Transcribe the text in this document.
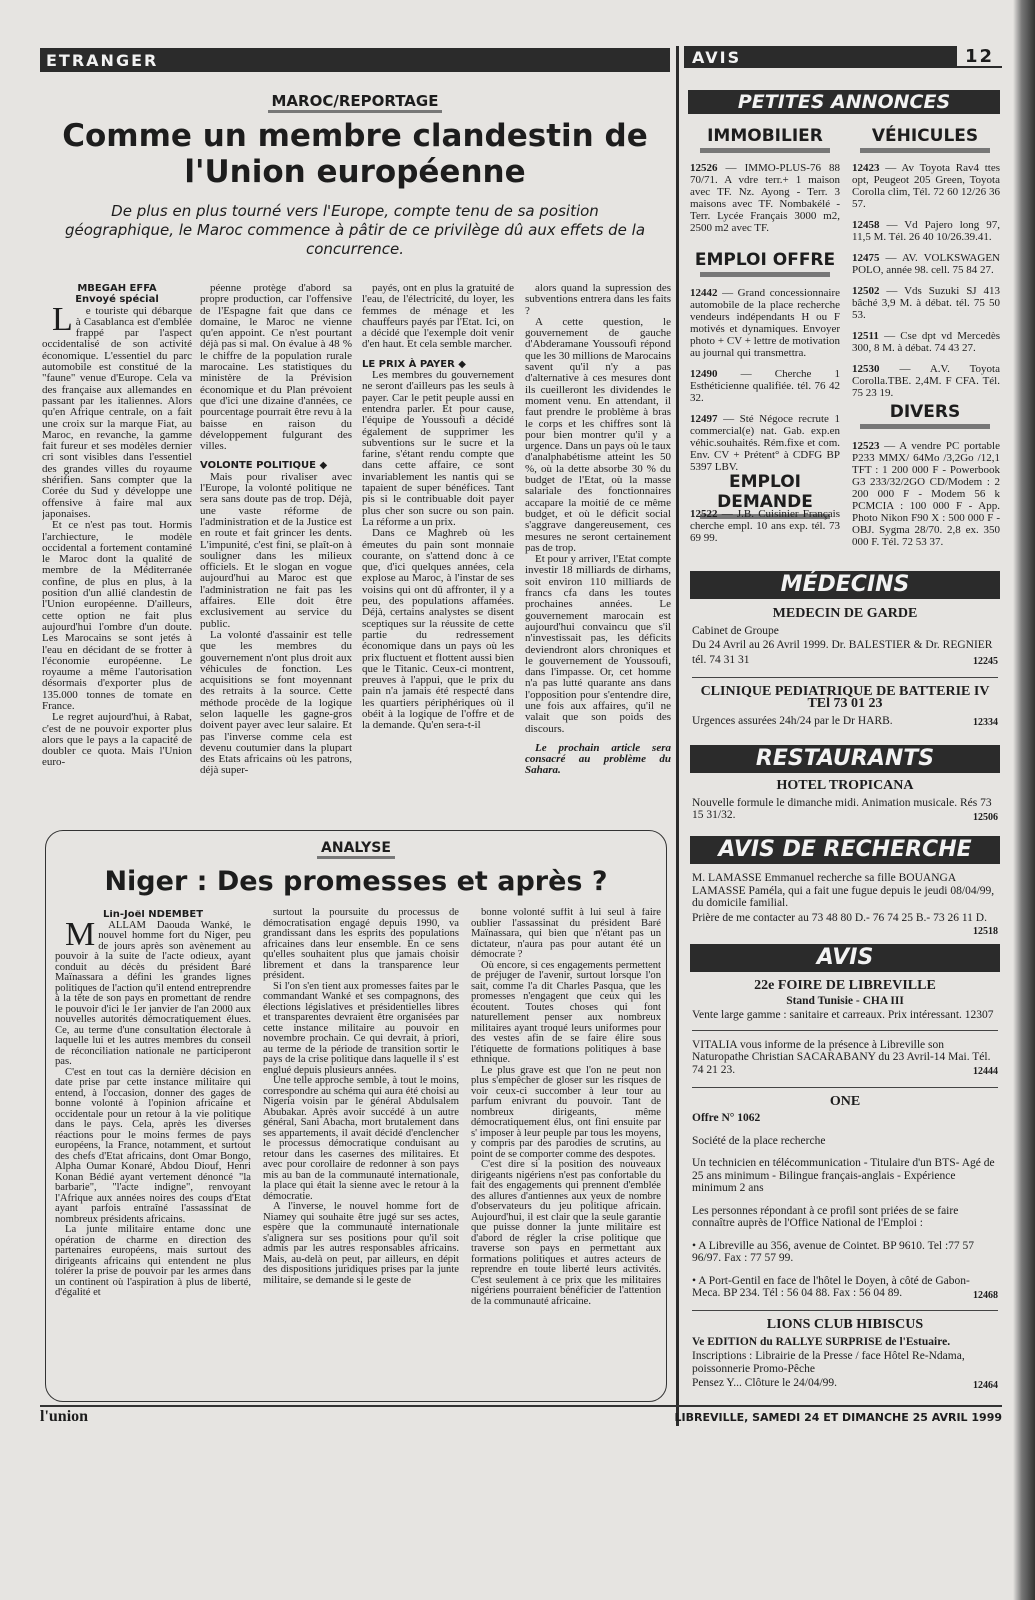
ETRANGER	AVIS	12
MAROC/REPORTAGE
Comme un membre clandestin de l'Union européenne
De plus en plus tourné vers l'Europe, compte tenu de sa position géographique, le Maroc commence à pâtir de ce privilège dû aux effets de la concurrence.

MBEGAH EFFA

Envoyé spécial

Le touriste qui débarque à Casablanca est d'emblée frappé par l'aspect occidentalisé de son activité économique. L'essentiel du parc automobile est constitué de la "faune" venue d'Europe. Cela va des française aux allemandes en passant par les italiennes. Alors qu'en Afrique centrale, on a fait une croix sur la marque Fiat, au Maroc, en revanche, la gamme fait fureur et ses modèles dernier cri sont visibles dans l'essentiel des grandes villes du royaume shérifien. Sans compter que la Corée du Sud y développe une offensive à faire mal aux japonaises.

Et ce n'est pas tout. Hormis l'archiecture, le modèle occidental a fortement contaminé le Maroc dont la qualité de membre de la Méditerranée confine, de plus en plus, à la position d'un allié clandestin de l'Union européenne. D'ailleurs, cette option ne fait plus aujourd'hui l'ombre d'un doute. Les Marocains se sont jetés à l'eau en décidant de se frotter à l'économie européenne. Le royaume a même l'autorisation désormais d'exporter plus de 135.000 tonnes de tomate en France.

Le regret aujourd'hui, à Rabat, c'est de ne pouvoir exporter plus alors que le pays a la capacité de doubler ce quota. Mais l'Union euro-

péenne protège d'abord sa propre production, car l'offensive de l'Espagne fait que dans ce domaine, le Maroc ne vienne qu'en appoint. Ce n'est pourtant déjà pas si mal. On évalue à 48 % le chiffre de la population rurale marocaine. Les statistiques du ministère de la Prévision économique et du Plan prévoient que d'ici une dizaine d'années, ce pourcentage pourrait être revu à la baisse en raison du développement fulgurant des villes.

VOLONTE POLITIQUE ◆

Mais pour rivaliser avec l'Europe, la volonté politique ne sera sans doute pas de trop. Déjà, une vaste réforme de l'administration et de la Justice est en route et fait grincer les dents. L'impunité, c'est fini, se plaît-on à souligner dans les milieux officiels. Et le slogan en vogue aujourd'hui au Maroc est que l'administration ne fait pas les affaires. Elle doit être exclusivement au service du public.

La volonté d'assainir est telle que les membres du gouvernement n'ont plus droit aux véhicules de fonction. Les acquisitions se font moyennant des retraits à la source. Cette méthode procède de la logique selon laquelle les gagne-gros doivent payer avec leur salaire. Et pas l'inverse comme cela est devenu coutumier dans la plupart des Etats africains où les patrons, déjà super-

payés, ont en plus la gratuité de l'eau, de l'électricité, du loyer, les femmes de ménage et les chauffeurs payés par l'Etat. Ici, on a décidé que l'exemple doit venir d'en haut. Et cela semble marcher.

LE PRIX À PAYER ◆

Les membres du gouvernement ne seront d'ailleurs pas les seuls à payer. Car le petit peuple aussi en entendra parler. Et pour cause, l'équipe de Youssoufi a décidé également de supprimer les subventions sur le sucre et la farine, s'étant rendu compte que dans cette affaire, ce sont invariablement les nantis qui se tapaient de super bénéfices. Tant pis si le contribuable doit payer plus cher son sucre ou son pain. La réforme a un prix.

Dans ce Maghreb où les émeutes du pain sont monnaie courante, on s'attend donc à ce que, d'ici quelques années, cela explose au Maroc, à l'instar de ses voisins qui ont dû affronter, il y a peu, des populations affamées. Déjà, certains analystes se disent sceptiques sur la réussite de cette partie du redressement économique dans un pays où les prix fluctuent et flottent aussi bien que le Titanic. Ceux-ci montrent, preuves à l'appui, que le prix du pain n'a jamais été respecté dans les quartiers périphériques où il obéit à la logique de l'offre et de la demande. Qu'en sera-t-il

alors quand la supression des subventions entrera dans les faits ?

A cette question, le gouvernement de gauche d'Abderamane Youssoufi répond que les 30 millions de Marocains savent qu'il n'y a pas d'alternative à ces mesures dont ils cueilleront les dividendes le moment venu. En attendant, il faut prendre le problème à bras le corps et les chiffres sont là pour bien montrer qu'il y a urgence. Dans un pays où le taux d'analphabétisme atteint les 50 %, où la dette absorbe 30 % du budget de l'Etat, où la masse salariale des fonctionnaires accapare la moitié de ce même budget, et où le déficit social s'aggrave dangereusement, ces mesures ne seront certainement pas de trop.

Et pour y arriver, l'Etat compte investir 18 milliards de dirhams, soit environ 110 milliards de francs cfa dans les toutes prochaines années. Le gouvernement marocain est aujourd'hui convaincu que s'il n'investissait pas, les déficits deviendront alors chroniques et le gouvernement de Youssoufi, dans l'impasse. Or, cet homme n'a pas lutté quarante ans dans l'opposition pour s'entendre dire, une fois aux affaires, qu'il ne valait que son poids des discours.

Le prochain article sera consacré au problème du Sahara.

ANALYSE
Niger : Des promesses et après ?

Lin-Joël NDEMBET

MALLAM Daouda Wanké, le nouvel homme fort du Niger, peu de jours après son avènement au pouvoir à la suite de l'acte odieux, ayant conduit au décès du président Baré Maïnassara a défini les grandes lignes politiques de l'action qu'il entend entreprendre à la tête de son pays en promettant de rendre le pouvoir d'ici le 1er janvier de l'an 2000 aux nouvelles autorités démocratiquement élues. Ce, au terme d'une consultation électorale à laquelle lui et les autres membres du conseil de réconciliation nationale ne participeront pas.

C'est en tout cas la dernière décision en date prise par cette instance militaire qui entend, à l'occasion, donner des gages de bonne volonté à l'opinion africaine et occidentale pour un retour à la vie politique dans le pays. Cela, après les diverses réactions pour le moins fermes de pays européens, la France, notamment, et surtout des chefs d'Etat africains, dont Omar Bongo, Alpha Oumar Konaré, Abdou Diouf, Henri Konan Bédié ayant vertement dénoncé "la barbarie", "l'acte indigne", renvoyant l'Afrique aux années noires des coups d'Etat ayant parfois entraîné l'assassinat de nombreux présidents africains.

La junte militaire entame donc une opération de charme en direction des partenaires européens, mais surtout des dirigeants africains qui entendent ne plus tolérer la prise de pouvoir par les armes dans un continent où l'aspiration à plus de liberté, d'égalité et

surtout la poursuite du processus de démocratisation engagé depuis 1990, va grandissant dans les esprits des populations africaines dans leur ensemble. En ce sens qu'elles souhaitent plus que jamais choisir librement et dans la transparence leur président.

Si l'on s'en tient aux promesses faites par le commandant Wanké et ses compagnons, des élections législatives et présidentielles libres et transparentes devraient être organisées par cette instance militaire au pouvoir en novembre prochain. Ce qui devrait, à priori, au terme de la période de transition sortir le pays de la crise politique dans laquelle il s' est englué depuis plusieurs années.

Une telle approche semble, à tout le moins, correspondre au schéma qui aura été choisi au Nigeria voisin par le général Abdulsalem Abubakar. Après avoir succédé à un autre général, Sani Abacha, mort brutalement dans ses appartements, il avait décidé d'enclencher le processus démocratique conduisant au retour dans les casernes des militaires. Et avec pour corollaire de redonner à son pays mis au ban de la communauté internationale, la place qui était la sienne avec le retour à la démocratie.

A l'inverse, le nouvel homme fort de Niamey qui souhaite être jugé sur ses actes, espère que la communauté internationale s'alignera sur ses positions pour qu'il soit admis par les autres responsables africains. Mais, au-delà on peut, par ailleurs, en dépit des dispositions juridiques prises par la junte militaire, se demande si le geste de

bonne volonté suffit à lui seul à faire oublier l'assassinat du président Baré Maïnassara, qui bien que n'étant pas un dictateur, n'aura pas pour autant été un démocrate ?

Où encore, si ces engagements permettent de préjuger de l'avenir, surtout lorsque l'on sait, comme l'a dit Charles Pasqua, que les promesses n'engagent que ceux qui les écoutent. Toutes choses qui font naturellement penser aux nombreux militaires ayant troqué leurs uniformes pour des vestes afin de se faire élire sous l'étiquette de formations politiques à base ethnique.

Le plus grave est que l'on ne peut non plus s'empêcher de gloser sur les risques de voir ceux-ci succomber à leur tour au parfum enivrant du pouvoir. Tant de nombreux dirigeants, même démocratiquement élus, ont fini ensuite par s' imposer à leur peuple par tous les moyens, y compris par des parodies de scrutins, au point de se comporter comme des despotes.

C'est dire si la position des nouveaux dirigeants nigériens n'est pas confortable du fait des engagements qui prennent d'emblée des allures d'antiennes aux yeux de nombre d'observateurs du jeu politique africain. Aujourd'hui, il est clair que la seule garantie que puisse donner la junte militaire est d'abord de régler la crise politique que traverse son pays en permettant aux formations politiques et autres acteurs de reprendre en toute liberté leurs activités. C'est seulement à ce prix que les militaires nigériens pourraient bénéficier de l'attention de la communauté africaine.

PETITES ANNONCES
IMMOBILIER	VÉHICULES

12526 — IMMO-PLUS-76 88 70/71. A vdre terr.+ 1 maison avec TF. Nz. Ayong - Terr. 3 maisons avec TF. Nombakélé - Terr. Lycée Français 3000 m2, 2500 m2 avec TF.

EMPLOI OFFRE

12442 — Grand concessionnaire automobile de la place recherche vendeurs indépendants H ou F motivés et dynamiques. Envoyer photo + CV + lettre de motivation au journal qui transmettra.

12490 — Cherche 1 Esthéticienne qualifiée. tél. 76 42 32.

12497 — Sté Négoce recrute 1 commercial(e) nat. Gab. exp.en véhic.souhaités. Rém.fixe et com. Env. CV + Prétent° à CDFG BP 5397 LBV.

EMPLOI DEMANDE

12522 — J.B. Cuisinier Français cherche empl. 10 ans exp. tél. 73 69 99.

12423 — Av Toyota Rav4 ttes opt, Peugeot 205 Green, Toyota Corolla clim, Tél. 72 60 12/26 36 57.

12458 — Vd Pajero long 97, 11,5 M. Tél. 26 40 10/26.39.41.

12475 — AV. VOLKSWAGEN POLO, année 98. cell. 75 84 27.

12502 — Vds Suzuki SJ 413 bâché 3,9 M. à débat. tél. 75 50 53.

12511 — Cse dpt vd Mercedès 300, 8 M. à débat. 74 43 27.

12530 — A.V. Toyota Corolla.TBE. 2,4M. F CFA. Tél. 75 23 19.

DIVERS

12523 — A vendre PC portable P233 MMX/ 64Mo /3,2Go /12,1 TFT : 1 200 000 F - Powerbook G3 233/32/2GO CD/Modem : 2 200 000 F - Modem 56 k PCMCIA : 100 000 F - App. Photo Nikon F90 X : 500 000 F - OBJ. Sygma 28/70. 2,8 ex. 350 000 F. Tél. 72 53 37.

MÉDECINS
MEDECIN DE GARDE

Cabinet de Groupe

Du 24 Avril au 26 Avril 1999. Dr. BALESTIER & Dr. REGNIER

tél. 74 31 31	12245
CLINIQUE PEDIATRIQUE DE BATTERIE IV
TEl 73 01 23

Urgences assurées 24h/24 par le Dr HARB.	12334
RESTAURANTS
HOTEL TROPICANA

Nouvelle formule le dimanche midi. Animation musicale. Rés 73 15 31/32.	12506
AVIS DE RECHERCHE

M. LAMASSE Emmanuel recherche sa fille BOUANGA LAMASSE Paméla, qui a fait une fugue depuis le jeudi 08/04/99, du domicile familial.

Prière de me contacter au 73 48 80 D.- 76 74 25 B.- 73 26 11 D.

12518
AVIS
22e FOIRE DE LIBREVILLE

Stand Tunisie - CHA III

Vente large gamme : sanitaire et carreaux. Prix intéressant. 12307

VITALIA vous informe de la présence à Libreville son Naturopathe Christian SACARABANY du 23 Avril-14 Mai. Tél. 74 21 23.	12444
ONE

Offre N° 1062

Société de la place recherche

Un technicien en télécommunication - Titulaire d'un BTS- Agé de 25 ans minimum - Bilingue français-anglais - Expérience minimum 2 ans

Les personnes répondant à ce profil sont priées de se faire connaître auprès de l'Office National de l'Emploi :

• A Libreville au 356, avenue de Cointet. BP 9610. Tel :77 57 96/97. Fax : 77 57 99.

• A Port-Gentil en face de l'hôtel le Doyen, à côté de Gabon-Meca. BP 234. Tél : 56 04 88. Fax : 56 04 89.	12468
LIONS CLUB HIBISCUS

Ve EDITION du RALLYE SURPRISE de l'Estuaire.

Inscriptions : Librairie de la Presse / face Hôtel Re-Ndama, poissonnerie Promo-Pêche

Pensez Y... Clôture le 24/04/99.	12464
l'union	LIBREVILLE, SAMEDI 24 ET DIMANCHE 25 AVRIL 1999
